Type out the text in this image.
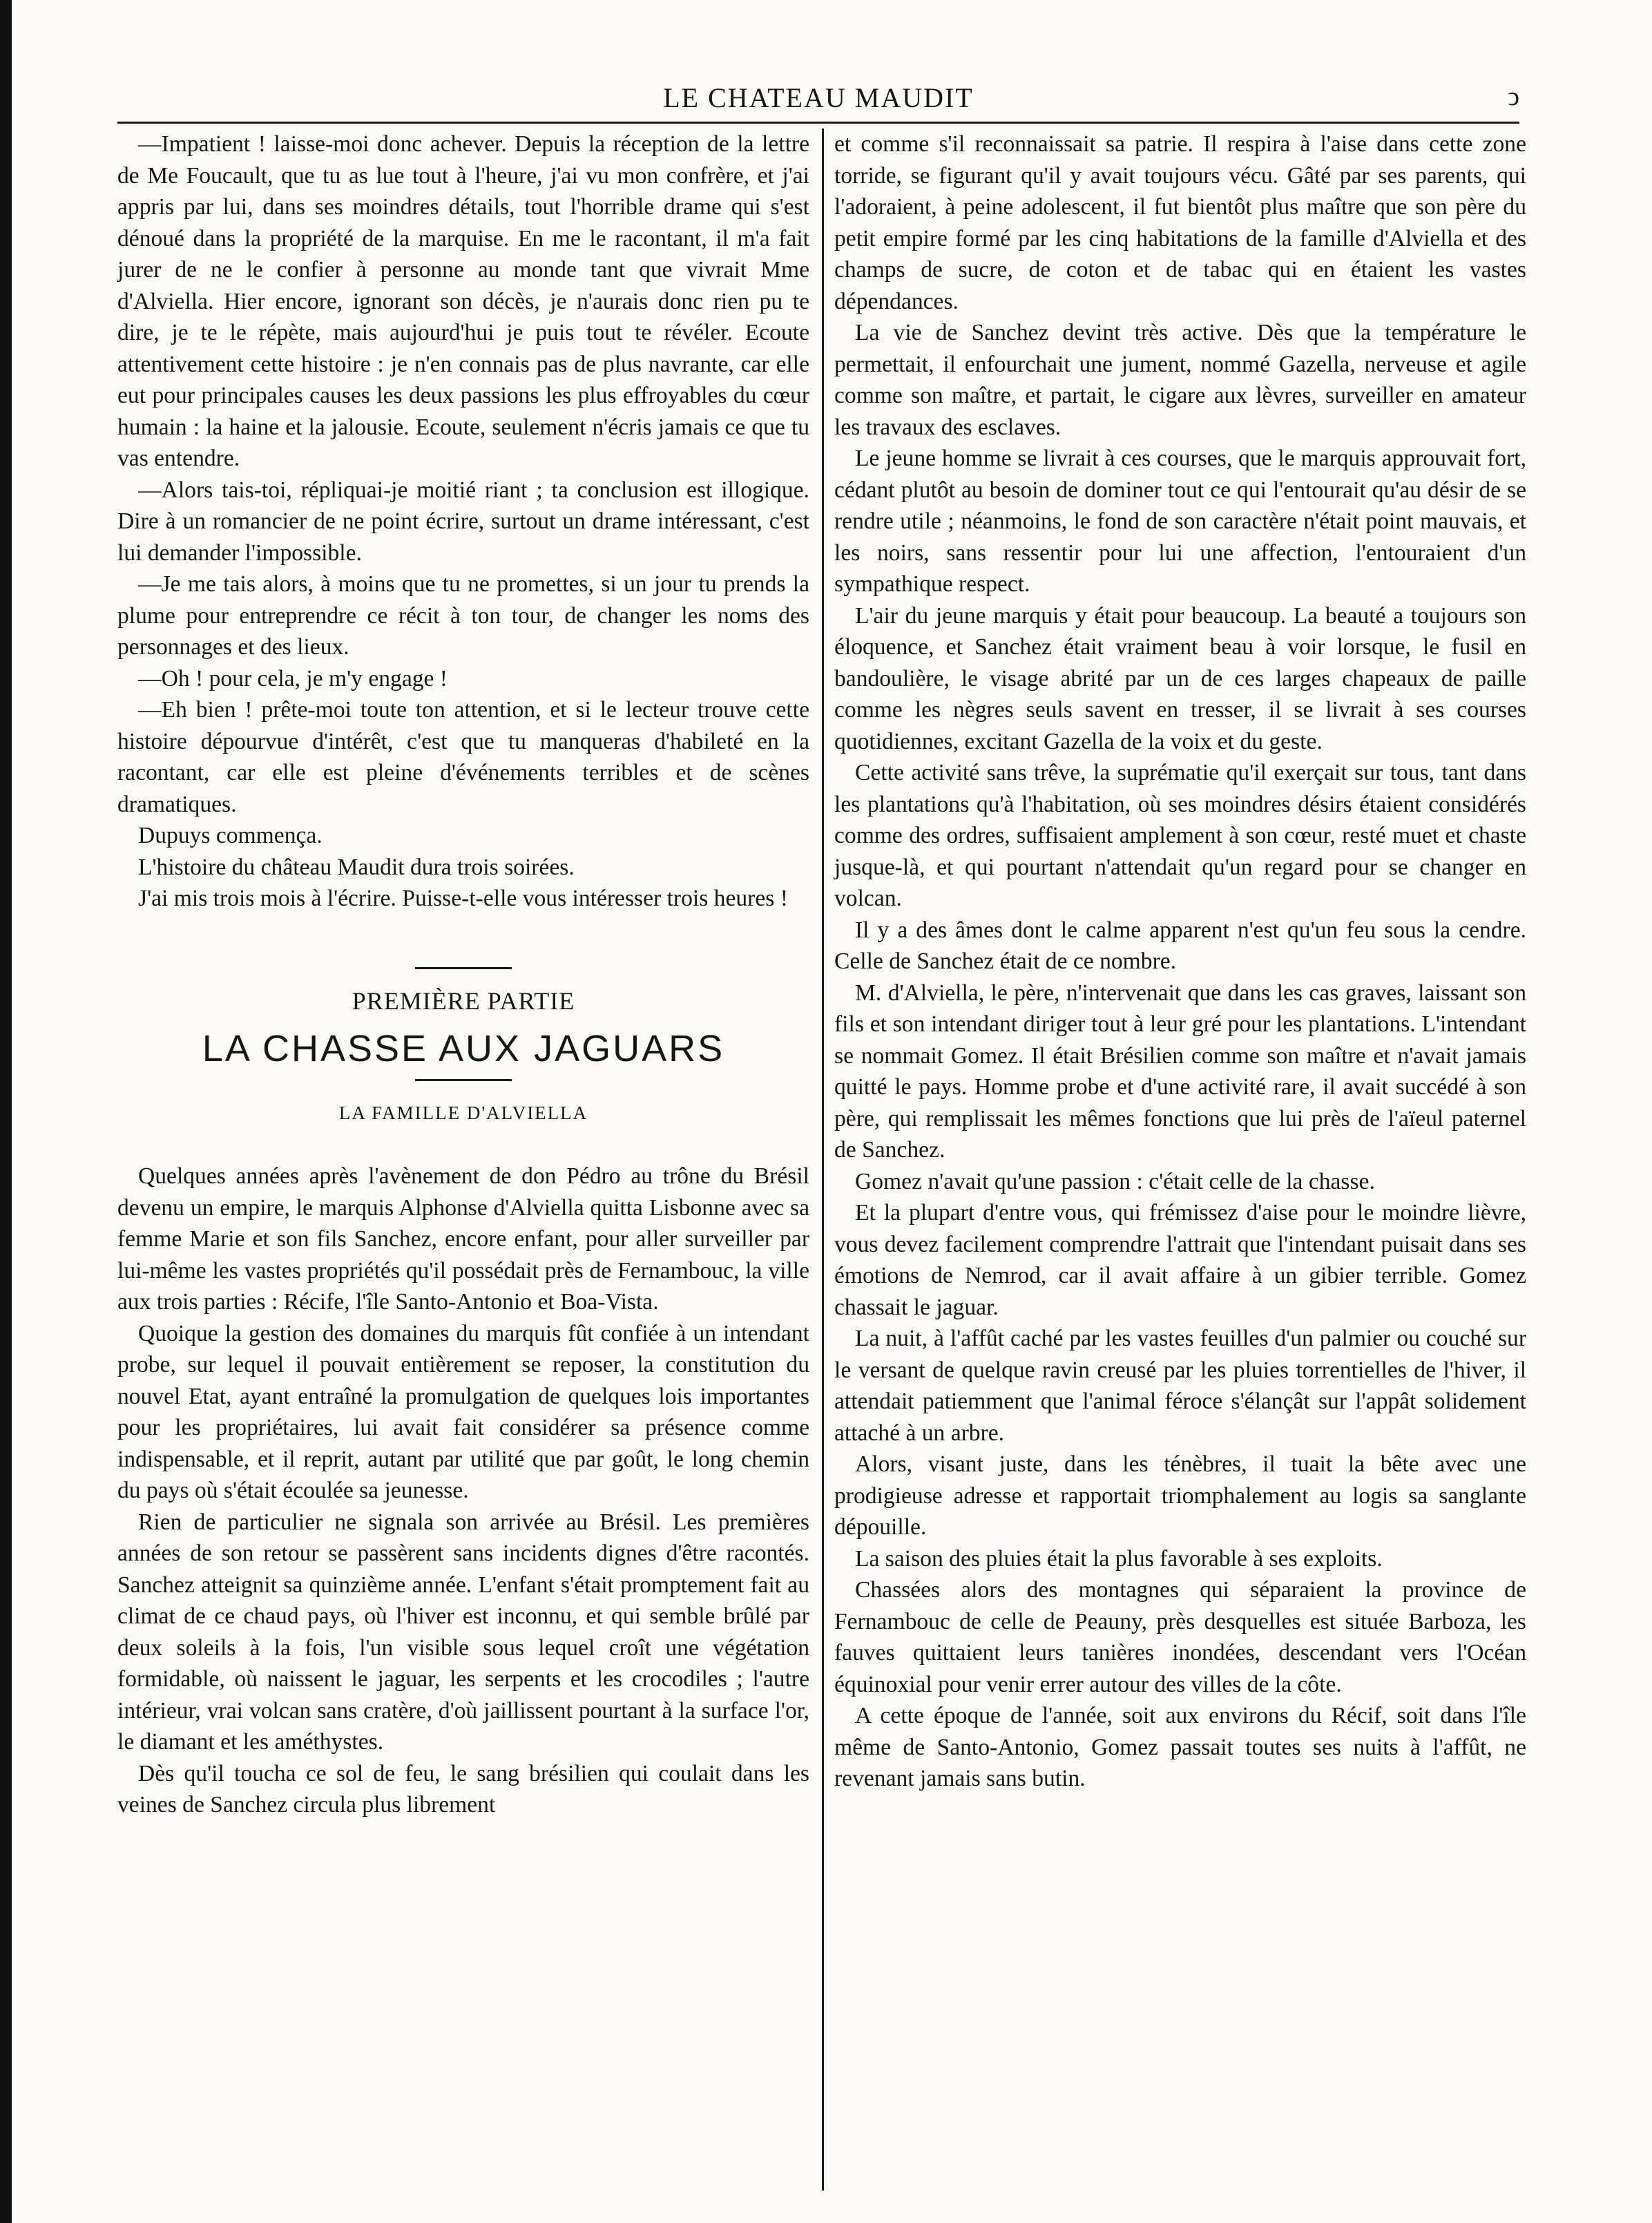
LE CHATEAU MAUDIT	ↄ

—Impatient ! laisse-moi donc achever. Depuis la réception de la lettre de Me Foucault, que tu as lue tout à l'heure, j'ai vu mon confrère, et j'ai appris par lui, dans ses moindres détails, tout l'horrible drame qui s'est dénoué dans la propriété de la marquise. En me le racontant, il m'a fait jurer de ne le confier à personne au monde tant que vivrait Mme d'Alviella. Hier encore, ignorant son décès, je n'aurais donc rien pu te dire, je te le répète, mais aujourd'hui je puis tout te révéler. Ecoute attentivement cette histoire : je n'en connais pas de plus navrante, car elle eut pour principales causes les deux passions les plus effroyables du cœur humain : la haine et la jalousie. Ecoute, seulement n'écris jamais ce que tu vas entendre.

—Alors tais-toi, répliquai-je moitié riant ; ta conclusion est illogique. Dire à un romancier de ne point écrire, surtout un drame intéressant, c'est lui demander l'impossible.

—Je me tais alors, à moins que tu ne promettes, si un jour tu prends la plume pour entreprendre ce récit à ton tour, de changer les noms des personnages et des lieux.

—Oh ! pour cela, je m'y engage !

—Eh bien ! prête-moi toute ton attention, et si le lecteur trouve cette histoire dépourvue d'intérêt, c'est que tu manqueras d'habileté en la racontant, car elle est pleine d'événements terribles et de scènes dramatiques.

Dupuys commença.

L'histoire du château Maudit dura trois soirées.

J'ai mis trois mois à l'écrire. Puisse-t-elle vous intéresser trois heures !

PREMIÈRE PARTIE
LA CHASSE AUX JAGUARS
LA FAMILLE D'ALVIELLA

Quelques années après l'avènement de don Pédro au trône du Brésil devenu un empire, le marquis Alphonse d'Alviella quitta Lisbonne avec sa femme Marie et son fils Sanchez, encore enfant, pour aller surveiller par lui-même les vastes propriétés qu'il possédait près de Fernambouc, la ville aux trois parties : Récife, l'île Santo-Antonio et Boa-Vista.

Quoique la gestion des domaines du marquis fût confiée à un intendant probe, sur lequel il pouvait entièrement se reposer, la constitution du nouvel Etat, ayant entraîné la promulgation de quelques lois importantes pour les propriétaires, lui avait fait considérer sa présence comme indispensable, et il reprit, autant par utilité que par goût, le long chemin du pays où s'était écoulée sa jeunesse.

Rien de particulier ne signala son arrivée au Brésil. Les premières années de son retour se passèrent sans incidents dignes d'être racontés. Sanchez atteignit sa quinzième année. L'enfant s'était promptement fait au climat de ce chaud pays, où l'hiver est inconnu, et qui semble brûlé par deux soleils à la fois, l'un visible sous lequel croît une végétation formidable, où naissent le jaguar, les serpents et les crocodiles ; l'autre intérieur, vrai volcan sans cratère, d'où jaillissent pourtant à la surface l'or, le diamant et les améthystes.

Dès qu'il toucha ce sol de feu, le sang brésilien qui coulait dans les veines de Sanchez circula plus librement

et comme s'il reconnaissait sa patrie. Il respira à l'aise dans cette zone torride, se figurant qu'il y avait toujours vécu. Gâté par ses parents, qui l'adoraient, à peine adolescent, il fut bientôt plus maître que son père du petit empire formé par les cinq habitations de la famille d'Alviella et des champs de sucre, de coton et de tabac qui en étaient les vastes dépendances.

La vie de Sanchez devint très active. Dès que la température le permettait, il enfourchait une jument, nommé Gazella, nerveuse et agile comme son maître, et partait, le cigare aux lèvres, surveiller en amateur les travaux des esclaves.

Le jeune homme se livrait à ces courses, que le marquis approuvait fort, cédant plutôt au besoin de dominer tout ce qui l'entourait qu'au désir de se rendre utile ; néanmoins, le fond de son caractère n'était point mauvais, et les noirs, sans ressentir pour lui une affection, l'entouraient d'un sympathique respect.

L'air du jeune marquis y était pour beaucoup. La beauté a toujours son éloquence, et Sanchez était vraiment beau à voir lorsque, le fusil en bandoulière, le visage abrité par un de ces larges chapeaux de paille comme les nègres seuls savent en tresser, il se livrait à ses courses quotidiennes, excitant Gazella de la voix et du geste.

Cette activité sans trêve, la suprématie qu'il exerçait sur tous, tant dans les plantations qu'à l'habitation, où ses moindres désirs étaient considérés comme des ordres, suffisaient amplement à son cœur, resté muet et chaste jusque-là, et qui pourtant n'attendait qu'un regard pour se changer en volcan.

Il y a des âmes dont le calme apparent n'est qu'un feu sous la cendre. Celle de Sanchez était de ce nombre.

M. d'Alviella, le père, n'intervenait que dans les cas graves, laissant son fils et son intendant diriger tout à leur gré pour les plantations. L'intendant se nommait Gomez. Il était Brésilien comme son maître et n'avait jamais quitté le pays. Homme probe et d'une activité rare, il avait succédé à son père, qui remplissait les mêmes fonctions que lui près de l'aïeul paternel de Sanchez.

Gomez n'avait qu'une passion : c'était celle de la chasse.

Et la plupart d'entre vous, qui frémissez d'aise pour le moindre lièvre, vous devez facilement comprendre l'attrait que l'intendant puisait dans ses émotions de Nemrod, car il avait affaire à un gibier terrible. Gomez chassait le jaguar.

La nuit, à l'affût caché par les vastes feuilles d'un palmier ou couché sur le versant de quelque ravin creusé par les pluies torrentielles de l'hiver, il attendait patiemment que l'animal féroce s'élançât sur l'appât solidement attaché à un arbre.

Alors, visant juste, dans les ténèbres, il tuait la bête avec une prodigieuse adresse et rapportait triomphalement au logis sa sanglante dépouille.

La saison des pluies était la plus favorable à ses exploits.

Chassées alors des montagnes qui séparaient la province de Fernambouc de celle de Peauny, près desquelles est située Barboza, les fauves quittaient leurs tanières inondées, descendant vers l'Océan équinoxial pour venir errer autour des villes de la côte.

A cette époque de l'année, soit aux environs du Récif, soit dans l'île même de Santo-Antonio, Gomez passait toutes ses nuits à l'affût, ne revenant jamais sans butin.
